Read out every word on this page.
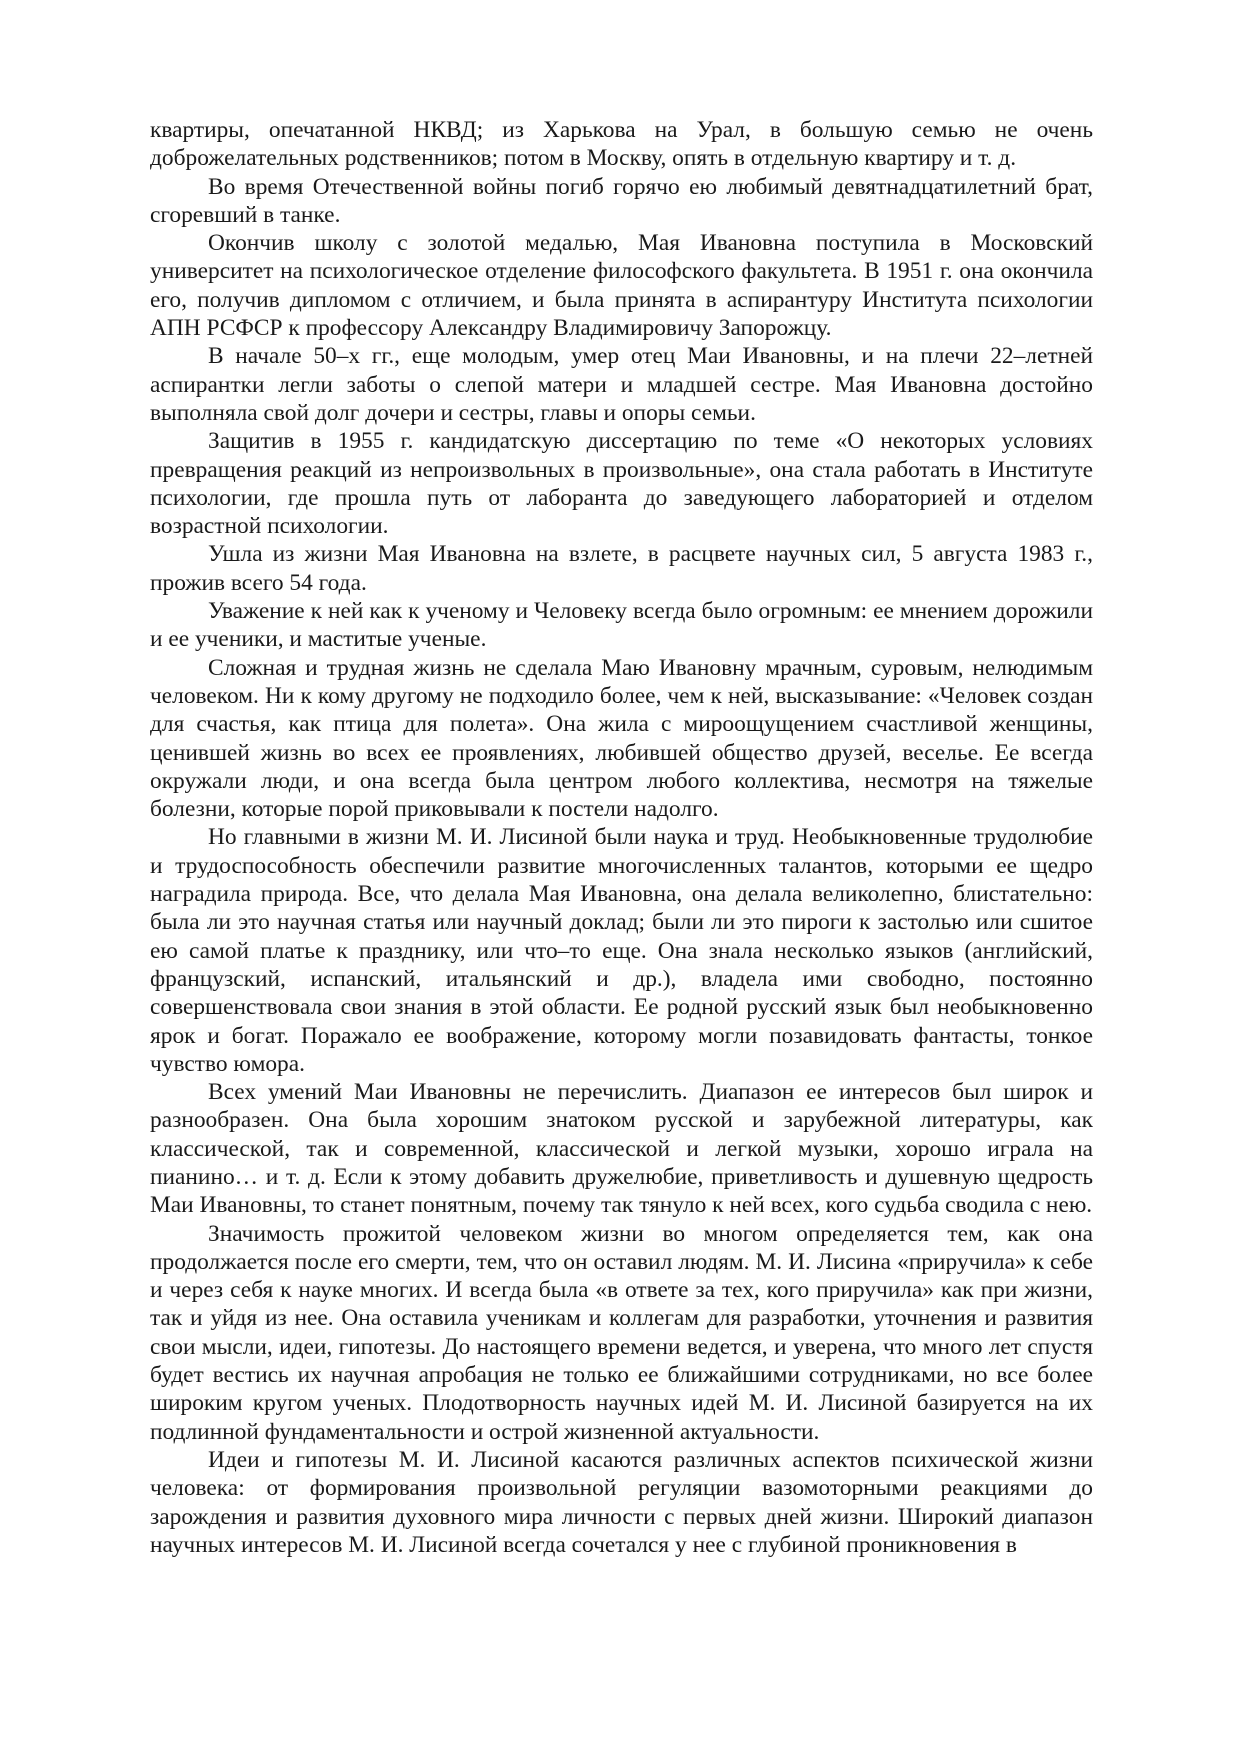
квартиры, опечатанной НКВД; из Харькова на Урал, в большую семью не очень доброжелательных родственников; потом в Москву, опять в отдельную квартиру и т. д.

Во время Отечественной войны погиб горячо ею любимый девятнадцатилетний брат, сгоревший в танке.

Окончив школу с золотой медалью, Мая Ивановна поступила в Московский университет на психологическое отделение философского факультета. В 1951 г. она окончила его, получив дипломом с отличием, и была принята в аспирантуру Института психологии АПН РСФСР к профессору Александру Владимировичу Запорожцу.

В начале 50–х гг., еще молодым, умер отец Маи Ивановны, и на плечи 22–летней аспирантки легли заботы о слепой матери и младшей сестре. Мая Ивановна достойно выполняла свой долг дочери и сестры, главы и опоры семьи.

Защитив в 1955 г. кандидатскую диссертацию по теме «О некоторых условиях превращения реакций из непроизвольных в произвольные», она стала работать в Институте психологии, где прошла путь от лаборанта до заведующего лабораторией и отделом возрастной психологии.

Ушла из жизни Мая Ивановна на взлете, в расцвете научных сил, 5 августа 1983 г., прожив всего 54 года.

Уважение к ней как к ученому и Человеку всегда было огромным: ее мнением дорожили и ее ученики, и маститые ученые.

Сложная и трудная жизнь не сделала Маю Ивановну мрачным, суровым, нелюдимым человеком. Ни к кому другому не подходило более, чем к ней, высказывание: «Человек создан для счастья, как птица для полета». Она жила с мироощущением счастливой женщины, ценившей жизнь во всех ее проявлениях, любившей общество друзей, веселье. Ее всегда окружали люди, и она всегда была центром любого коллектива, несмотря на тяжелые болезни, которые порой приковывали к постели надолго.

Но главными в жизни М. И. Лисиной были наука и труд. Необыкновенные трудолюбие и трудоспособность обеспечили развитие многочисленных талантов, которыми ее щедро наградила природа. Все, что делала Мая Ивановна, она делала великолепно, блистательно: была ли это научная статья или научный доклад; были ли это пироги к застолью или сшитое ею самой платье к празднику, или что–то еще. Она знала несколько языков (английский, французский, испанский, итальянский и др.), владела ими свободно, постоянно совершенствовала свои знания в этой области. Ее родной русский язык был необыкновенно ярок и богат. Поражало ее воображение, которому могли позавидовать фантасты, тонкое чувство юмора.

Всех умений Маи Ивановны не перечислить. Диапазон ее интересов был широк и разнообразен. Она была хорошим знатоком русской и зарубежной литературы, как классической, так и современной, классической и легкой музыки, хорошо играла на пианино… и т. д. Если к этому добавить дружелюбие, приветливость и душевную щедрость Маи Ивановны, то станет понятным, почему так тянуло к ней всех, кого судьба сводила с нею.

Значимость прожитой человеком жизни во многом определяется тем, как она продолжается после его смерти, тем, что он оставил людям. М. И. Лисина «приручила» к себе и через себя к науке многих. И всегда была «в ответе за тех, кого приручила» как при жизни, так и уйдя из нее. Она оставила ученикам и коллегам для разработки, уточнения и развития свои мысли, идеи, гипотезы. До настоящего времени ведется, и уверена, что много лет спустя будет вестись их научная апробация не только ее ближайшими сотрудниками, но все более широким кругом ученых. Плодотворность научных идей М. И. Лисиной базируется на их подлинной фундаментальности и острой жизненной актуальности.

Идеи и гипотезы М. И. Лисиной касаются различных аспектов психической жизни человека: от формирования произвольной регуляции вазомоторными реакциями до зарождения и развития духовного мира личности с первых дней жизни. Широкий диапазон научных интересов М. И. Лисиной всегда сочетался у нее с глубиной проникновения в
